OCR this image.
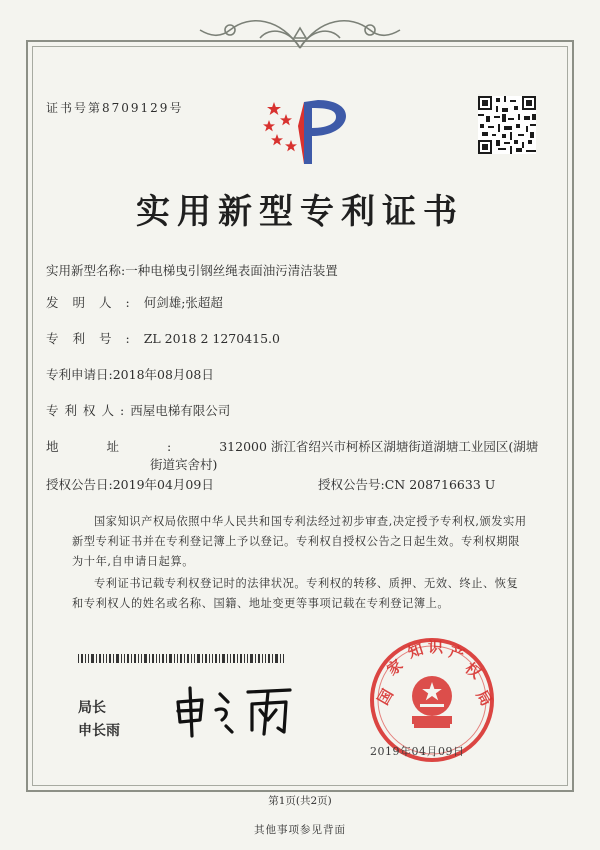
证书号第8709129号
实用新型专利证书
实用新型名称:一种电梯曳引钢丝绳表面油污清洁装置
发明人:何剑雄;张超超
专利号:ZL 2018 2 1270415.0
专利申请日:2018年08月08日
专利权人:西屋电梯有限公司
地址:312000 浙江省绍兴市柯桥区湖塘街道湖塘工业园区(湖塘
街道宾舍村)
授权公告日:2019年04月09日	授权公告号:CN 208716633 U
国家知识产权局依照中华人民共和国专利法经过初步审查,决定授予专利权,颁发实用新型专利证书并在专利登记簿上予以登记。专利权自授权公告之日起生效。专利权期限为十年,自申请日起算。
专利证书记载专利权登记时的法律状况。专利权的转移、质押、无效、终止、恢复和专利权人的姓名或名称、国籍、地址变更等事项记载在专利登记簿上。
局长
申长雨
国
家
知 识 产
权
局
2019年04月09日
第1页(共2页)
其他事项参见背面
